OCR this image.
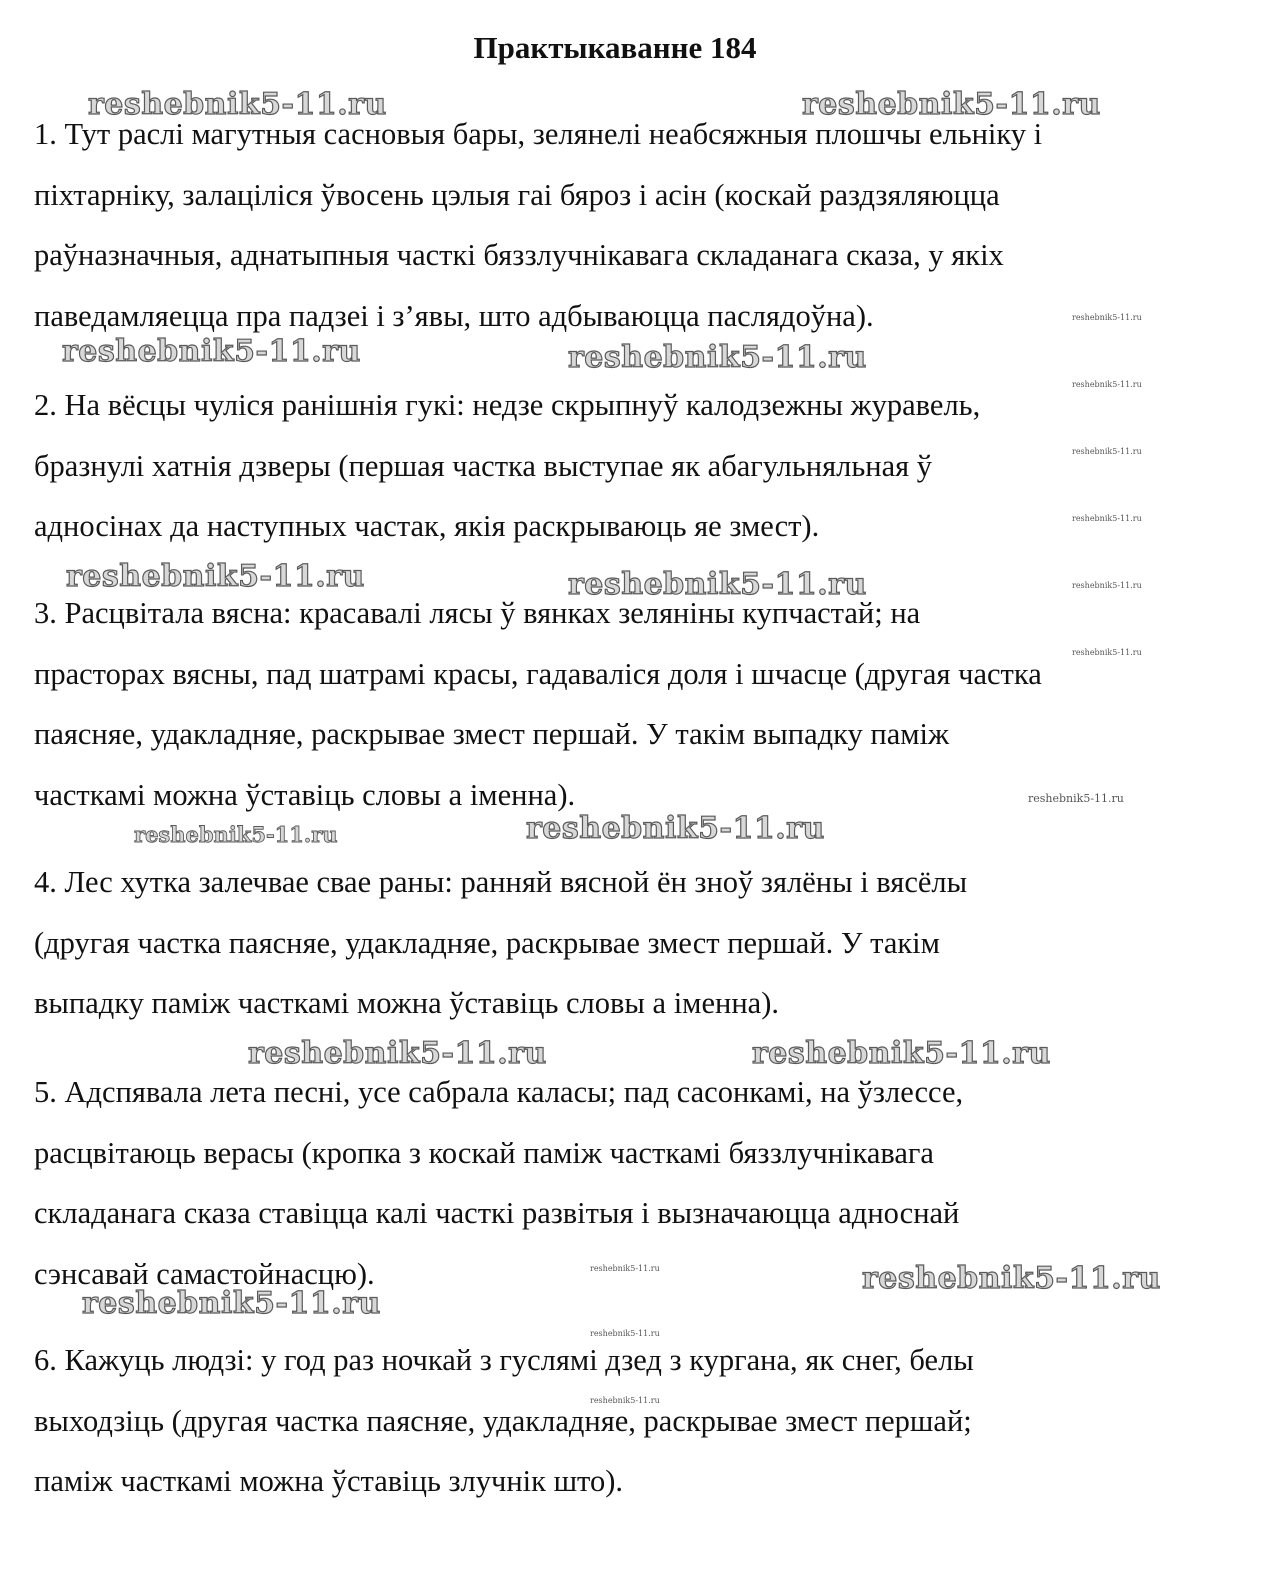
Практыкаванне 184
1. Тут раслі магутныя сасновыя бары, зелянелі неабсяжныя плошчы ельніку і
піхтарніку, залаціліся ўвосень цэлыя гаі бяроз і асін (коскай раздзяляюцца
раўназначныя, аднатыпныя часткі бяззлучнікавага складанага сказа, у якіх
паведамляецца пра падзеі і з’явы, што адбываюцца паслядоўна).
2. На вёсцы чуліся ранішнія гукі: недзе скрыпнуў калодзежны журавель,
бразнулі хатнія дзверы (першая частка выступае як абагульняльная ў
адносінах да наступных частак, якія раскрываюць яе змест).
3. Расцвітала вясна: красавалі лясы ў вянках зеляніны купчастай; на
прасторах вясны, пад шатрамі красы, гадаваліся доля і шчасце (другая частка
паясняе, удакладняе, раскрывае змест першай. У такім выпадку паміж
часткамі можна ўставіць словы а іменна).
4. Лес хутка залечвае свае раны: ранняй вясной ён зноў зялёны і вясёлы
(другая частка паясняе, удакладняе, раскрывае змест першай. У такім
выпадку паміж часткамі можна ўставіць словы а іменна).
5. Адспявала лета песні, усе сабрала каласы; пад сасонкамі, на ўзлессе,
расцвітаюць верасы (кропка з коскай паміж часткамі бяззлучнікавага
складанага сказа ставіцца калі часткі развітыя і вызначаюцца адноснай
сэнсавай самастойнасцю).
6. Кажуць людзі: у год раз ночкай з гуслямі дзед з кургана, як снег, белы
выходзіць (другая частка паясняе, удакладняе, раскрывае змест першай;
паміж часткамі можна ўставіць злучнік што).
reshebnik5-11.ru	reshebnik5-11.ru
reshebnik5-11.ru	reshebnik5-11.ru
reshebnik5-11.ru	reshebnik5-11.ru
reshebnik5-11.ru
reshebnik5-11.ru	reshebnik5-11.ru
reshebnik5-11.ru
reshebnik5-11.ru
reshebnik5-11.ru
reshebnik5-11.ru
reshebnik5-11.ru
reshebnik5-11.ru
reshebnik5-11.ru
reshebnik5-11.ru
reshebnik5-11.ru
reshebnik5-11.ru
reshebnik5-11.ru
reshebnik5-11.ru
reshebnik5-11.ru
